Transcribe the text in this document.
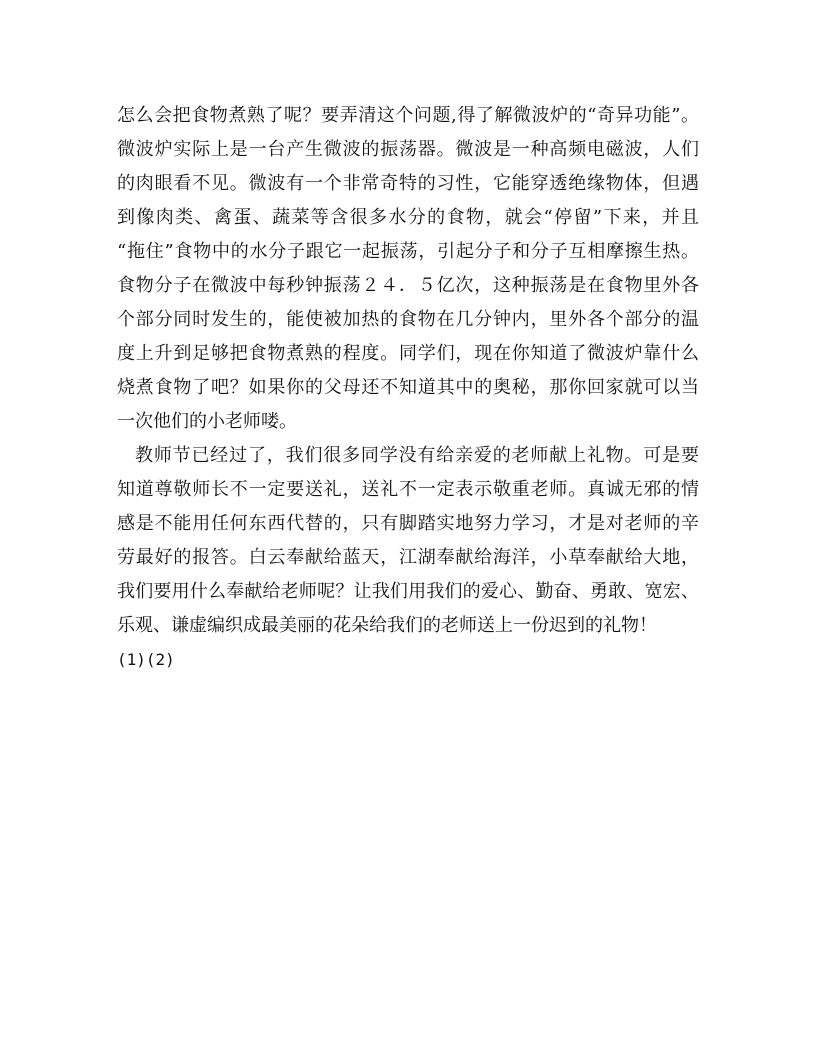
怎么会把食物煮熟了呢？要弄清这个问题,得了解微波炉的“奇异功能”。
微波炉实际上是一台产生微波的振荡器。微波是一种高频电磁波，人们
的肉眼看不见。微波有一个非常奇特的习性，它能穿透绝缘物体，但遇
到像肉类、禽蛋、蔬菜等含很多水分的食物，就会“停留”下来，并且
“拖住”食物中的水分子跟它一起振荡，引起分子和分子互相摩擦生热。
食物分子在微波中每秒钟振荡２４．５亿次，这种振荡是在食物里外各
个部分同时发生的，能使被加热的食物在几分钟内，里外各个部分的温
度上升到足够把食物煮熟的程度。同学们，现在你知道了微波炉靠什么
烧煮食物了吧？如果你的父母还不知道其中的奥秘，那你回家就可以当
一次他们的小老师喽。
教师节已经过了，我们很多同学没有给亲爱的老师献上礼物。可是要
知道尊敬师长不一定要送礼，送礼不一定表示敬重老师。真诚无邪的情
感是不能用任何东西代替的，只有脚踏实地努力学习，才是对老师的辛
劳最好的报答。白云奉献给蓝天，江湖奉献给海洋，小草奉献给大地，
我们要用什么奉献给老师呢？让我们用我们的爱心、勤奋、勇敢、宽宏、
乐观、谦虚编织成最美丽的花朵给我们的老师送上一份迟到的礼物！
(1)(2)
